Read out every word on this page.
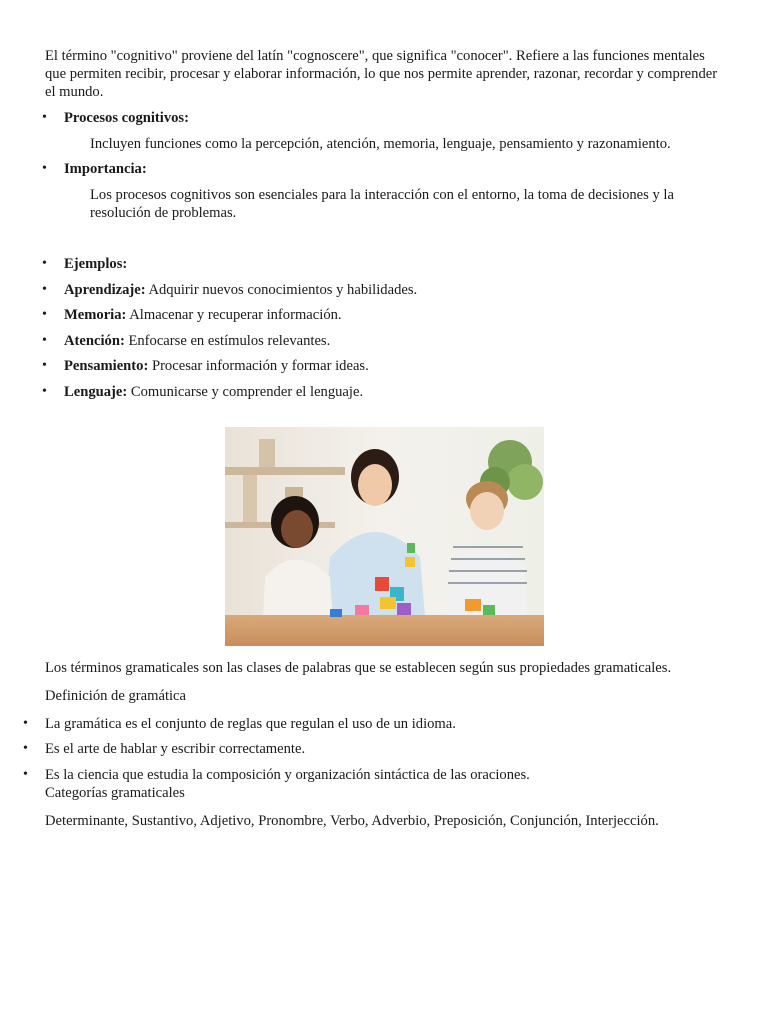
El término "cognitivo" proviene del latín "cognoscere", que significa "conocer". Refiere a las funciones mentales que permiten recibir, procesar y elaborar información, lo que nos permite aprender, razonar, recordar y comprender el mundo.

• Procesos cognitivos:

Incluyen funciones como la percepción, atención, memoria, lenguaje, pensamiento y razonamiento.

• Importancia:

Los procesos cognitivos son esenciales para la interacción con el entorno, la toma de decisiones y la resolución de problemas.

• Ejemplos:
• Aprendizaje: Adquirir nuevos conocimientos y habilidades.
• Memoria: Almacenar y recuperar información.
• Atención: Enfocarse en estímulos relevantes.
• Pensamiento: Procesar información y formar ideas.
• Lenguaje: Comunicarse y comprender el lenguaje.

Los términos gramaticales son las clases de palabras que se establecen según sus propiedades gramaticales.

Definición de gramática

• La gramática es el conjunto de reglas que regulan el uso de un idioma.
• Es el arte de hablar y escribir correctamente.
• Es la ciencia que estudia la composición y organización sintáctica de las oraciones.

Categorías gramaticales

Determinante, Sustantivo, Adjetivo, Pronombre, Verbo, Adverbio, Preposición, Conjunción, Interjección.
